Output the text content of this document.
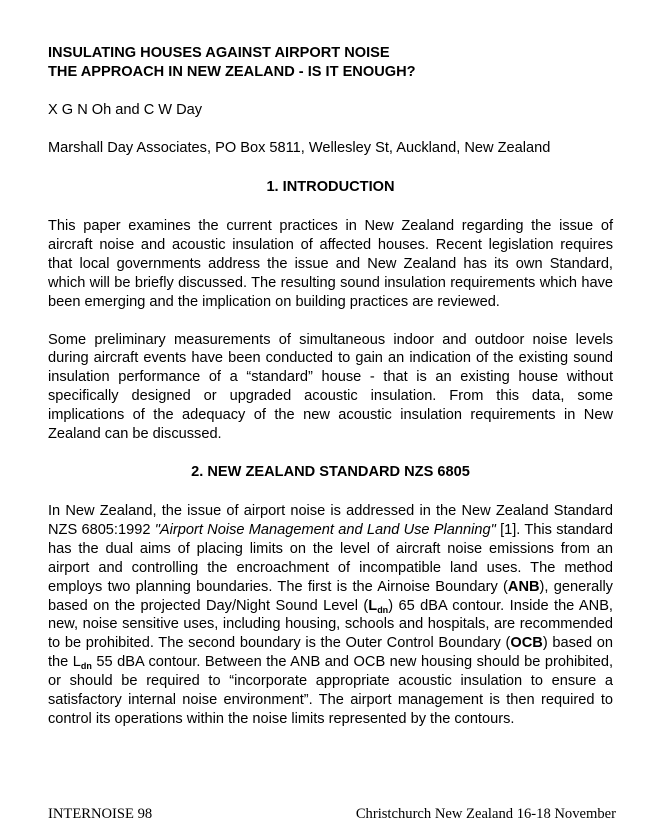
INSULATING HOUSES AGAINST AIRPORT NOISE
THE APPROACH IN NEW ZEALAND - IS IT ENOUGH?

X G N Oh and C W Day

Marshall Day Associates, PO Box 5811, Wellesley St, Auckland, New Zealand

1. INTRODUCTION

This paper examines the current practices in New Zealand regarding the issue of aircraft noise and acoustic insulation of affected houses. Recent legislation requires that local governments address the issue and New Zealand has its own Standard, which will be briefly discussed. The resulting sound insulation requirements which have been emerging and the implication on building practices are reviewed.

Some preliminary measurements of simultaneous indoor and outdoor noise levels during aircraft events have been conducted to gain an indication of the existing sound insulation performance of a “standard” house - that is an existing house without specifically designed or upgraded acoustic insulation. From this data, some implications of the adequacy of the new acoustic insulation requirements in New Zealand can be discussed.

2. NEW ZEALAND STANDARD NZS 6805

In New Zealand, the issue of airport noise is addressed in the New Zealand Standard NZS 6805:1992 "Airport Noise Management and Land Use Planning" [1]. This standard has the dual aims of placing limits on the level of aircraft noise emissions from an airport and controlling the encroachment of incompatible land uses. The method employs two planning boundaries. The first is the Airnoise Boundary (ANB), generally based on the projected Day/Night Sound Level $(L_{dn})$ 65 dBA contour. Inside the ANB, new, noise sensitive uses, including housing, schools and hospitals, are recommended to be prohibited. The second boundary is the Outer Control Boundary (OCB) based on the $L_{dn}$ 55 dBA contour. Between the ANB and OCB new housing should be prohibited, or should be required to “incorporate appropriate acoustic insulation to ensure a satisfactory internal noise environment”. The airport management is then required to control its operations within the noise limits represented by the contours.

INTERNOISE 98	Christchurch New Zealand 16-18 November
